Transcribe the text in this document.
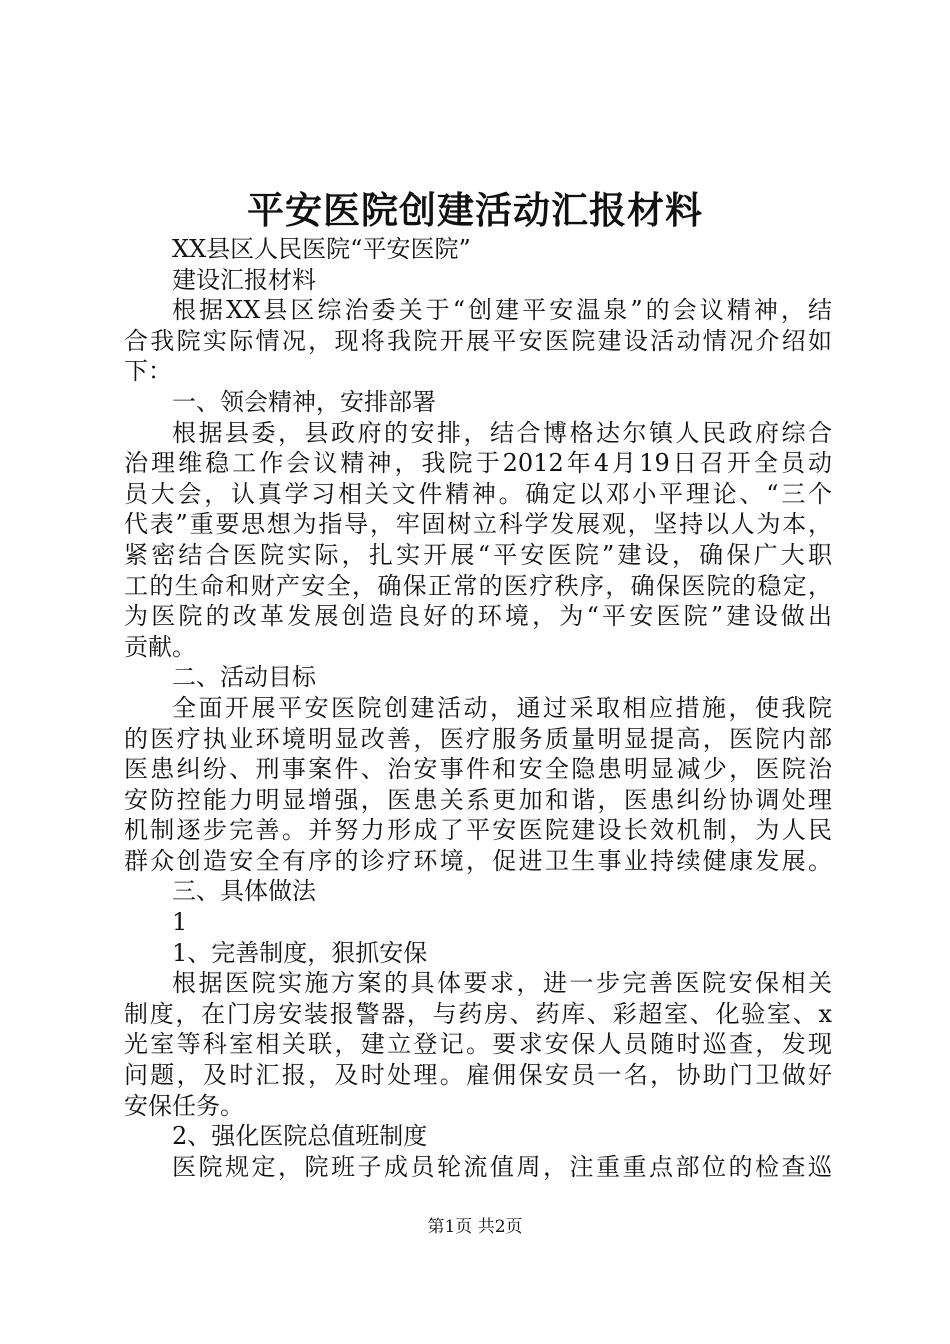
平安医院创建活动汇报材料
XX县区人民医院“平安医院”
建设汇报材料
根据XX县区综治委关于“创建平安温泉”的会议精神，结
合我院实际情况，现将我院开展平安医院建设活动情况介绍如
下：
一、领会精神，安排部署
根据县委，县政府的安排，结合博格达尔镇人民政府综合
治理维稳工作会议精神，我院于2012年4月19日召开全员动
员大会，认真学习相关文件精神。确定以邓小平理论、“三个
代表”重要思想为指导，牢固树立科学发展观，坚持以人为本，
紧密结合医院实际，扎实开展“平安医院”建设，确保广大职
工的生命和财产安全，确保正常的医疗秩序，确保医院的稳定，
为医院的改革发展创造良好的环境，为“平安医院”建设做出
贡献。
二、活动目标
全面开展平安医院创建活动，通过采取相应措施，使我院
的医疗执业环境明显改善，医疗服务质量明显提高，医院内部
医患纠纷、刑事案件、治安事件和安全隐患明显减少，医院治
安防控能力明显增强，医患关系更加和谐，医患纠纷协调处理
机制逐步完善。并努力形成了平安医院建设长效机制，为人民
群众创造安全有序的诊疗环境，促进卫生事业持续健康发展。
三、具体做法
1
1、完善制度，狠抓安保
根据医院实施方案的具体要求，进一步完善医院安保相关
制度，在门房安装报警器，与药房、药库、彩超室、化验室、x
光室等科室相关联，建立登记。要求安保人员随时巡查，发现
问题，及时汇报，及时处理。雇佣保安员一名，协助门卫做好
安保任务。
2、强化医院总值班制度
医院规定，院班子成员轮流值周，注重重点部位的检查巡
第1页 共2页
